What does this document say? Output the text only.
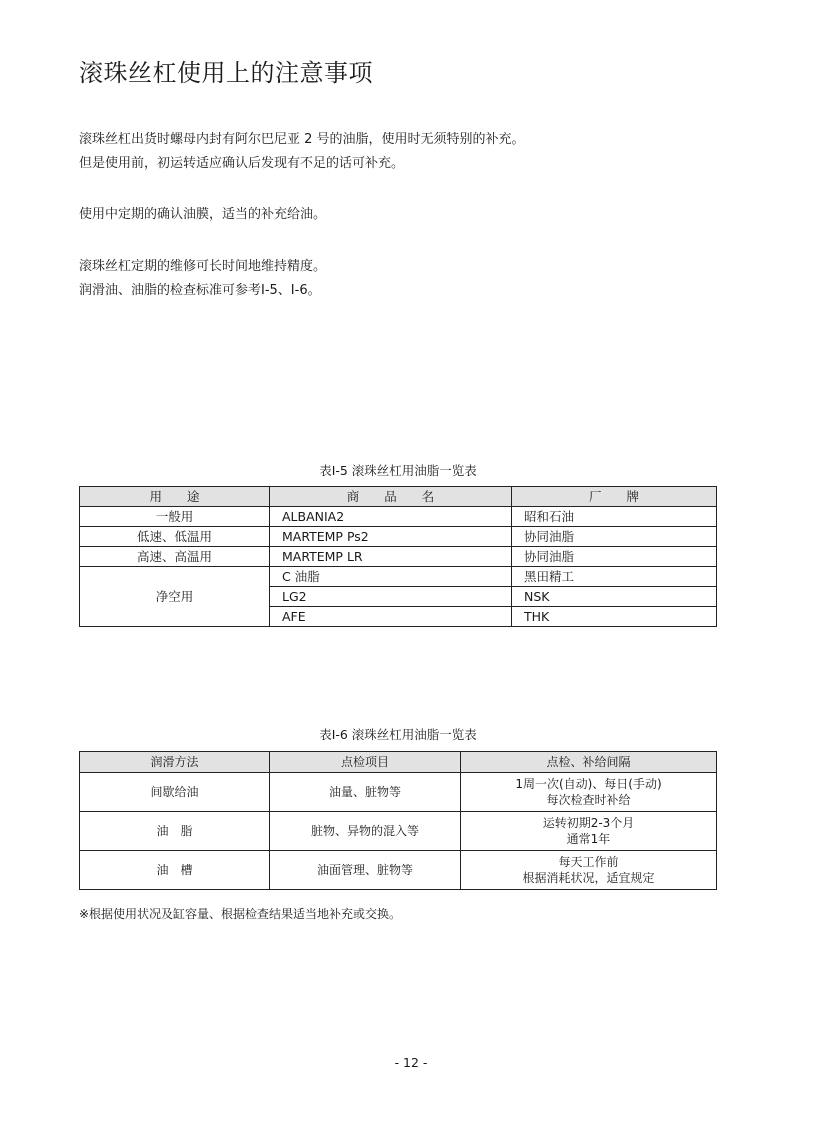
滚珠丝杠使用上的注意事项

滚珠丝杠出货时螺母内封有阿尔巴尼亚 2 号的油脂，使用时无须特别的补充。

但是使用前，初运转适应确认后发现有不足的话可补充。

使用中定期的确认油膜，适当的补充给油。

滚珠丝杠定期的维修可长时间地维持精度。

润滑油、油脂的检查标准可参考Ⅰ-5、Ⅰ-6。

表Ⅰ-5 滚珠丝杠用油脂一览表
用　　途	商　　品　　名	厂　　牌
一般用	ALBANIA2	昭和石油
低速、低温用	MARTEMP Ps2	协同油脂
高速、高温用	MARTEMP LR	协同油脂
净空用	C 油脂	黑田精工
	LG2	NSK
	AFE	THK
表Ⅰ-6 滚珠丝杠用油脂一览表
润滑方法	点检项目	点检、补给间隔
间歇给油	油量、脏物等	1周一次(自动)、每日(手动)
每次检查时补给

油　脂	脏物、异物的混入等	运转初期2-3个月
通常1年

油　槽	油面管理、脏物等	每天工作前
根据消耗状况，适宜规定
※根据使用状况及缸容量、根据检查结果适当地补充或交换。
- 12 -
